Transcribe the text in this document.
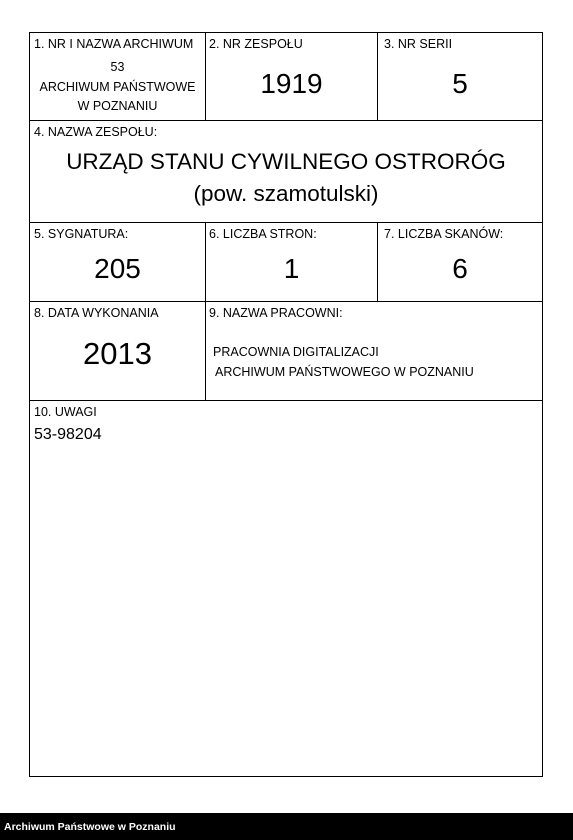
1. NR I NAZWA ARCHIWUM
53
ARCHIWUM PAŃSTWOWE
W POZNANIU
2. NR ZESPOŁU
1919
3. NR SERII
5
4. NAZWA ZESPOŁU:
URZĄD STANU CYWILNEGO OSTRORÓG
(pow. szamotulski)
5. SYGNATURA:
205
6. LICZBA STRON:
1
7. LICZBA SKANÓW:
6
8. DATA WYKONANIA
2013
9. NAZWA PRACOWNI:
PRACOWNIA DIGITALIZACJI
ARCHIWUM PAŃSTWOWEGO W POZNANIU
10. UWAGI
53-98204
Archiwum Państwowe w Poznaniu
